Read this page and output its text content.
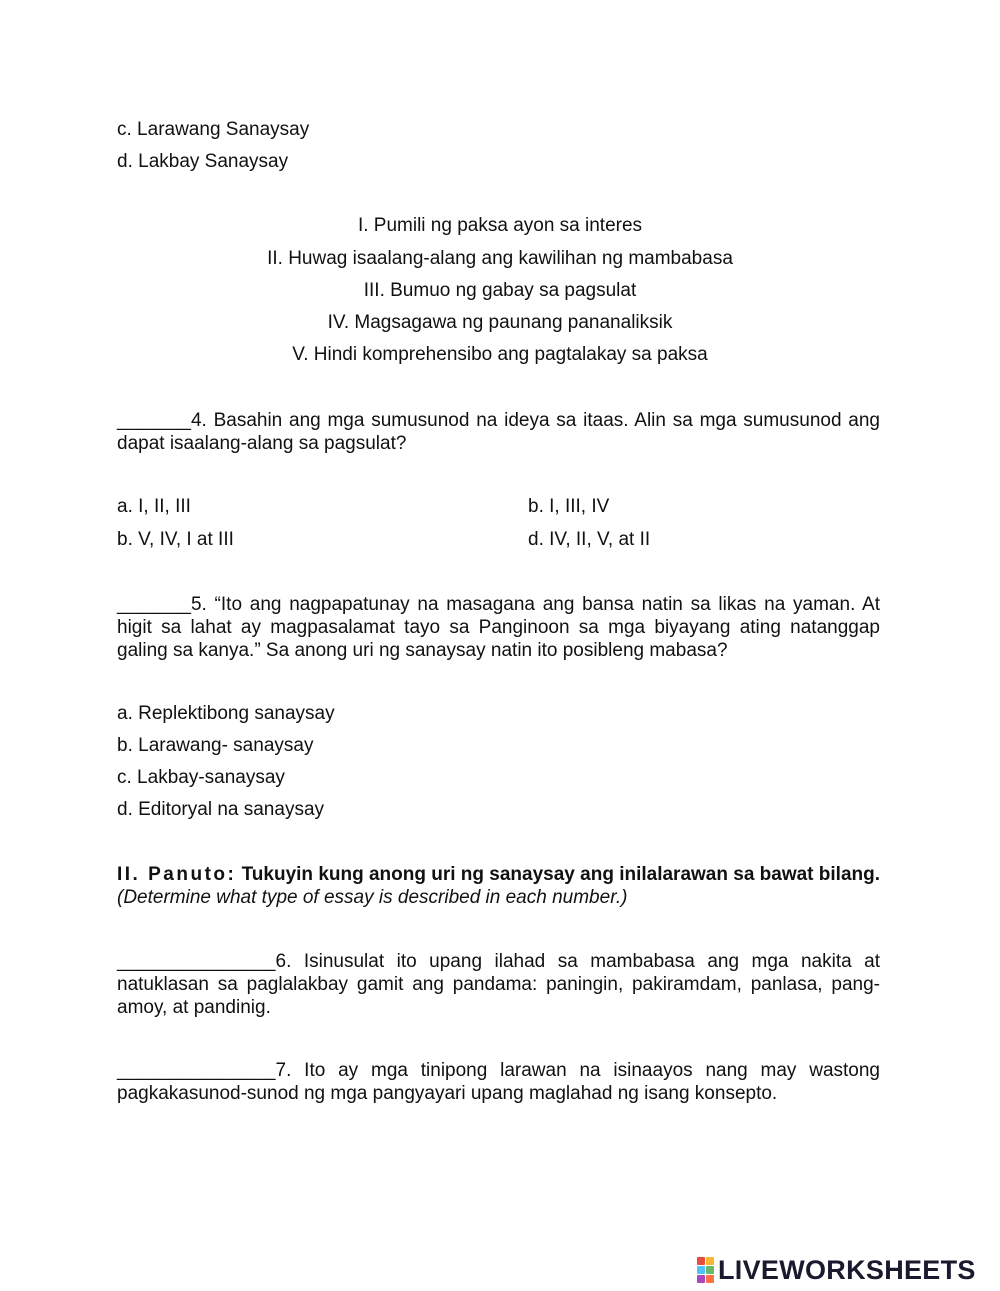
c. Larawang Sanaysay
d. Lakbay Sanaysay
I. Pumili ng paksa ayon sa interes
II. Huwag isaalang-alang ang kawilihan ng mambabasa
III. Bumuo ng gabay sa pagsulat
IV. Magsagawa ng paunang pananaliksik
V. Hindi komprehensibo ang pagtalakay sa paksa
_______4. Basahin ang mga sumusunod na ideya sa itaas. Alin sa mga sumusunod ang dapat isaalang-alang sa pagsulat?
a. I, II, III	b. I, III, IV
b. V, IV, I at III	d. IV, II, V, at II
_______5. “Ito ang nagpapatunay na masagana ang bansa natin sa likas na yaman. At higit sa lahat ay magpasalamat tayo sa Panginoon sa mga biyayang ating natanggap galing sa kanya.” Sa anong uri ng sanaysay natin ito posibleng mabasa?
a. Replektibong sanaysay
b. Larawang- sanaysay
c. Lakbay-sanaysay
d. Editoryal na sanaysay
II. Panuto: Tukuyin kung anong uri ng sanaysay ang inilalarawan sa bawat bilang. (Determine what type of essay is described in each number.)
_______________6. Isinusulat ito upang ilahad sa mambabasa ang mga nakita at natuklasan sa paglalakbay gamit ang pandama: paningin, pakiramdam, panlasa, pang-amoy, at pandinig.
_______________7. Ito ay mga tinipong larawan na isinaayos nang may wastong pagkakasunod-sunod ng mga pangyayari upang maglahad ng isang konsepto.
LIVEWORKSHEETS
